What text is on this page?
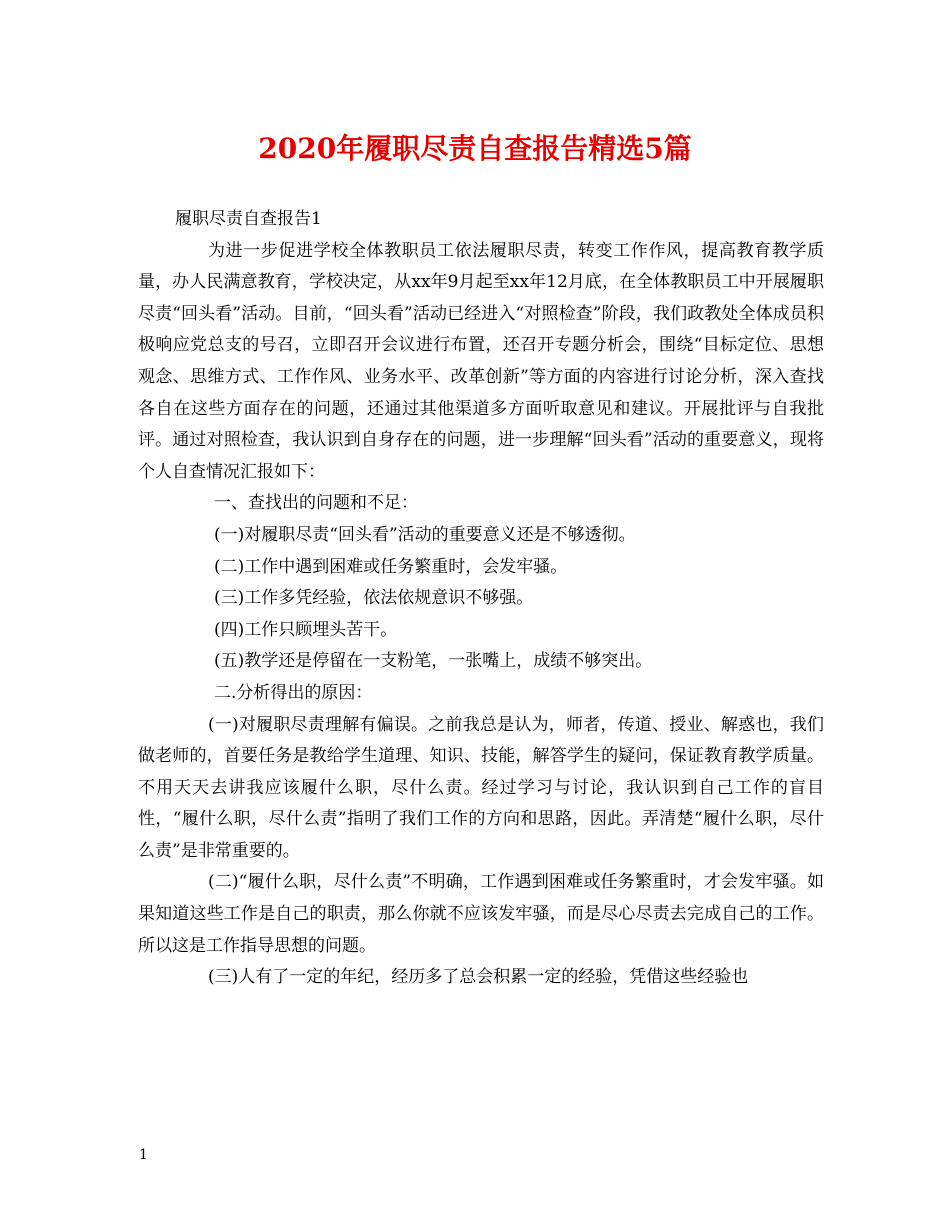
2020年履职尽责自查报告精选5篇

履职尽责自查报告1

为进一步促进学校全体教职员工依法履职尽责，转变工作作风，提高教育教学质量，办人民满意教育，学校决定，从xx年9月起至xx年12月底，在全体教职员工中开展履职尽责“回头看”活动。目前，“回头看”活动已经进入“对照检查”阶段，我们政教处全体成员积极响应党总支的号召，立即召开会议进行布置，还召开专题分析会，围绕“目标定位、思想观念、思维方式、工作作风、业务水平、改革创新”等方面的内容进行讨论分析，深入查找各自在这些方面存在的问题，还通过其他渠道多方面听取意见和建议。开展批评与自我批评。通过对照检查，我认识到自身存在的问题，进一步理解“回头看”活动的重要意义，现将个人自查情况汇报如下：

一、查找出的问题和不足：

(一)对履职尽责“回头看”活动的重要意义还是不够透彻。

(二)工作中遇到困难或任务繁重时，会发牢骚。

(三)工作多凭经验，依法依规意识不够强。

(四)工作只顾埋头苦干。

(五)教学还是停留在一支粉笔，一张嘴上，成绩不够突出。

二.分析得出的原因：

(一)对履职尽责理解有偏误。之前我总是认为，师者，传道、授业、解惑也，我们做老师的，首要任务是教给学生道理、知识、技能，解答学生的疑问，保证教育教学质量。不用天天去讲我应该履什么职，尽什么责。经过学习与讨论，我认识到自己工作的盲目性，“履什么职，尽什么责”指明了我们工作的方向和思路，因此。弄清楚“履什么职，尽什么责”是非常重要的。

(二)“履什么职，尽什么责”不明确，工作遇到困难或任务繁重时，才会发牢骚。如果知道这些工作是自己的职责，那么你就不应该发牢骚，而是尽心尽责去完成自己的工作。所以这是工作指导思想的问题。

(三)人有了一定的年纪，经历多了总会积累一定的经验，凭借这些经验也

1
